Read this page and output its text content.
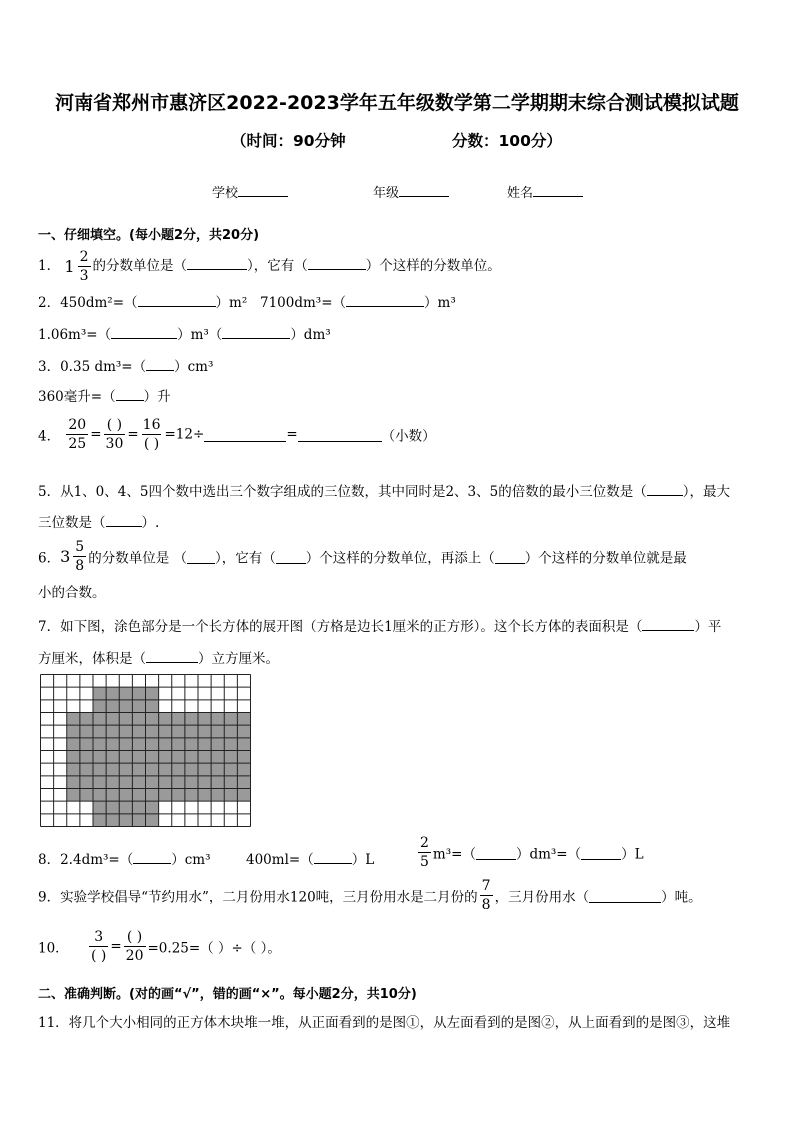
河南省郑州市惠济区2022-2023学年五年级数学第二学期期末综合测试模拟试题
（时间：90分钟	分数：100分）
学校	年级	姓名
一、仔细填空。(每小题2分，共20分)
1． $1 \frac{2}{3}$ 的分数单位是（	），它有（	）个这样的分数单位。
2．450dm²=（	）m² 7100dm³=（	）m³
1.06m³=（	）m³（	）dm³
3．0.35 dm³=（ ）cm³
360毫升=（ ）升
4． $\frac{20}{25} = \frac{( )}{30} = \frac{16}{( )} =12\div$	=	（小数）
5．从1、0、4、5四个数中选出三个数字组成的三位数，其中同时是2、3、5的倍数的最小三位数是（	），最大
三位数是（	）.
6． $3 \frac{5}{8}$ 的分数单位是 （ ），它有（ ）个这样的分数单位，再添上（ ）个这样的分数单位就是最
小的合数。
7．如下图，涂色部分是一个长方体的展开图（方格是边长1厘米的正方形）。这个长方体的表面积是（	）平
方厘米，体积是（	）立方厘米。
8．2.4dm³=（	）cm³	400ml=（	）L	$\frac{2}{5} m^3=$（	）dm³=（	）L
9．实验学校倡导“节约用水”，二月份用水120吨，三月份用水是二月份的 $\frac{7}{8}$ ，三月份用水（	）吨。
10． $\frac{3}{( )} = \frac{( )}{20} =0.25=$（ ）÷（ ）。
二、准确判断。(对的画“√”，错的画“×”。每小题2分，共10分)
11．将几个大小相同的正方体木块堆一堆，从正面看到的是图①，从左面看到的是图②，从上面看到的是图③，这堆
